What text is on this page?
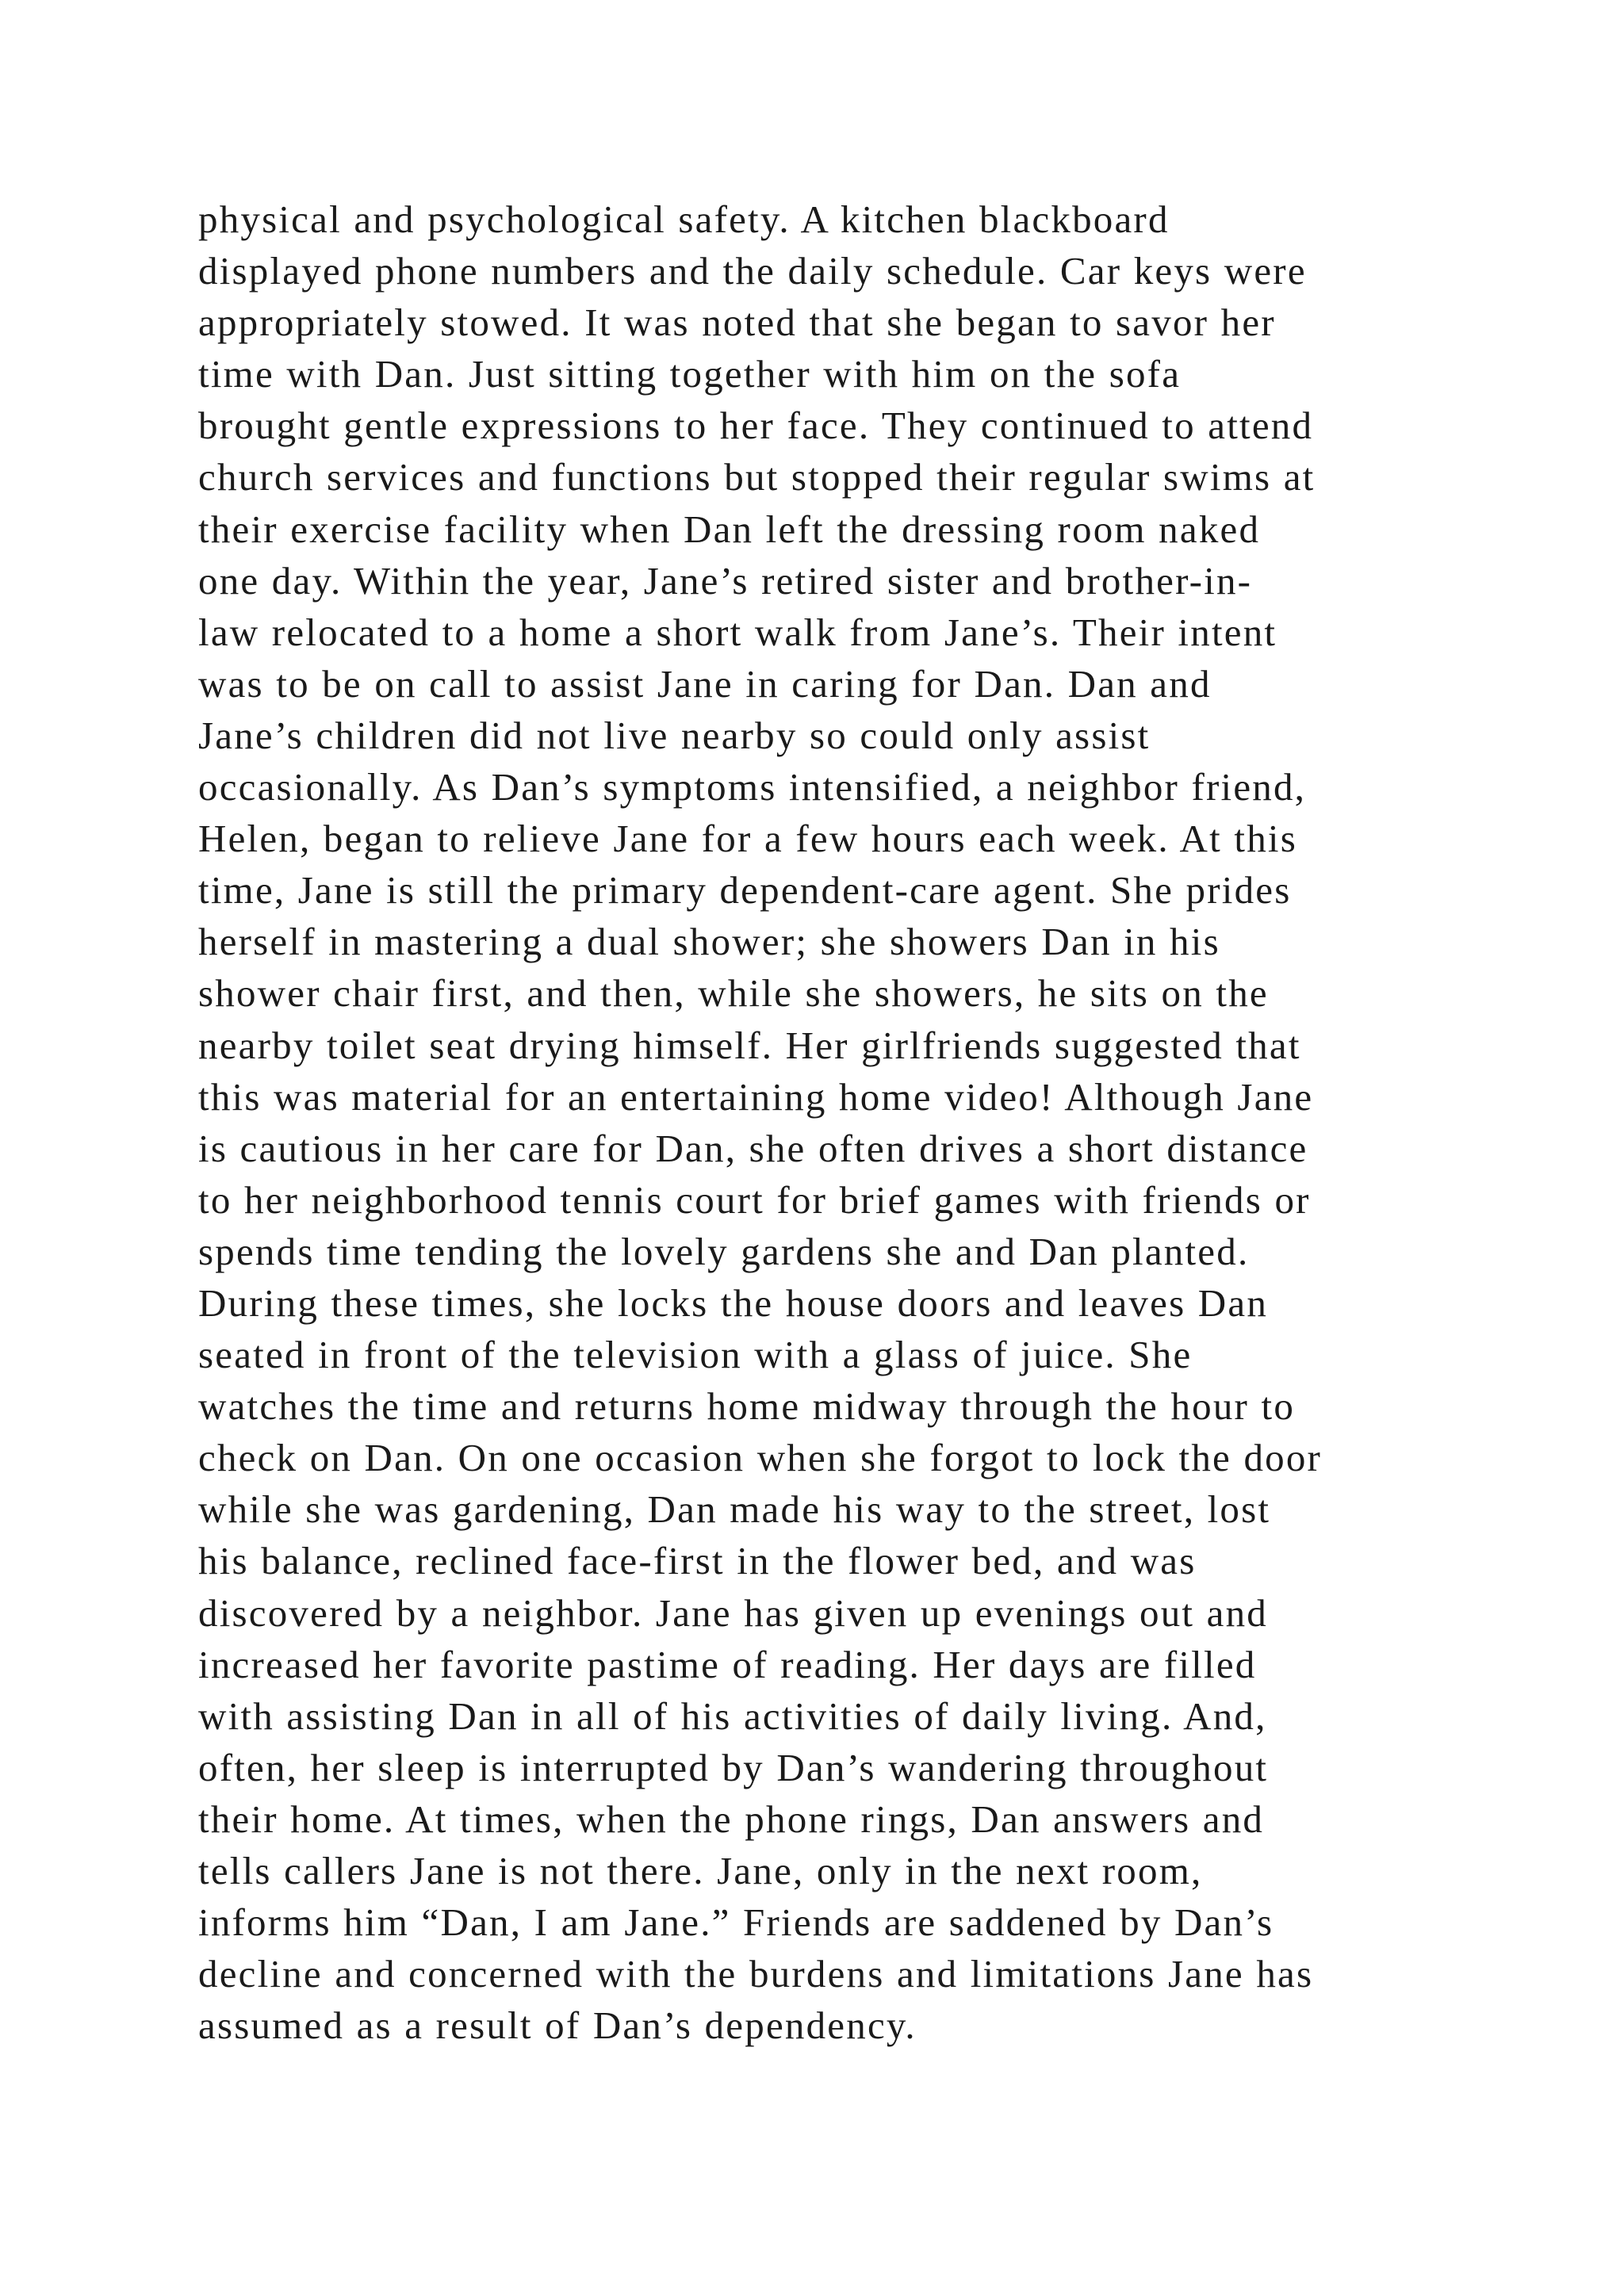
physical and psychological safety. A kitchen blackboard
displayed phone numbers and the daily schedule. Car keys were
appropriately stowed. It was noted that she began to savor her
time with Dan. Just sitting together with him on the sofa
brought gentle expressions to her face. They continued to attend
church services and functions but stopped their regular swims at
their exercise facility when Dan left the dressing room naked
one day. Within the year, Jane’s retired sister and brother-in-
law relocated to a home a short walk from Jane’s. Their intent
was to be on call to assist Jane in caring for Dan. Dan and
Jane’s children did not live nearby so could only assist
occasionally. As Dan’s symptoms intensified, a neighbor friend,
Helen, began to relieve Jane for a few hours each week. At this
time, Jane is still the primary dependent-care agent. She prides
herself in mastering a dual shower; she showers Dan in his
shower chair first, and then, while she showers, he sits on the
nearby toilet seat drying himself. Her girlfriends suggested that
this was material for an entertaining home video! Although Jane
is cautious in her care for Dan, she often drives a short distance
to her neighborhood tennis court for brief games with friends or
spends time tending the lovely gardens she and Dan planted.
During these times, she locks the house doors and leaves Dan
seated in front of the television with a glass of juice. She
watches the time and returns home midway through the hour to
check on Dan. On one occasion when she forgot to lock the door
while she was gardening, Dan made his way to the street, lost
his balance, reclined face-first in the flower bed, and was
discovered by a neighbor. Jane has given up evenings out and
increased her favorite pastime of reading. Her days are filled
with assisting Dan in all of his activities of daily living. And,
often, her sleep is interrupted by Dan’s wandering throughout
their home. At times, when the phone rings, Dan answers and
tells callers Jane is not there. Jane, only in the next room,
informs him “Dan, I am Jane.” Friends are saddened by Dan’s
decline and concerned with the burdens and limitations Jane has
assumed as a result of Dan’s dependency.
